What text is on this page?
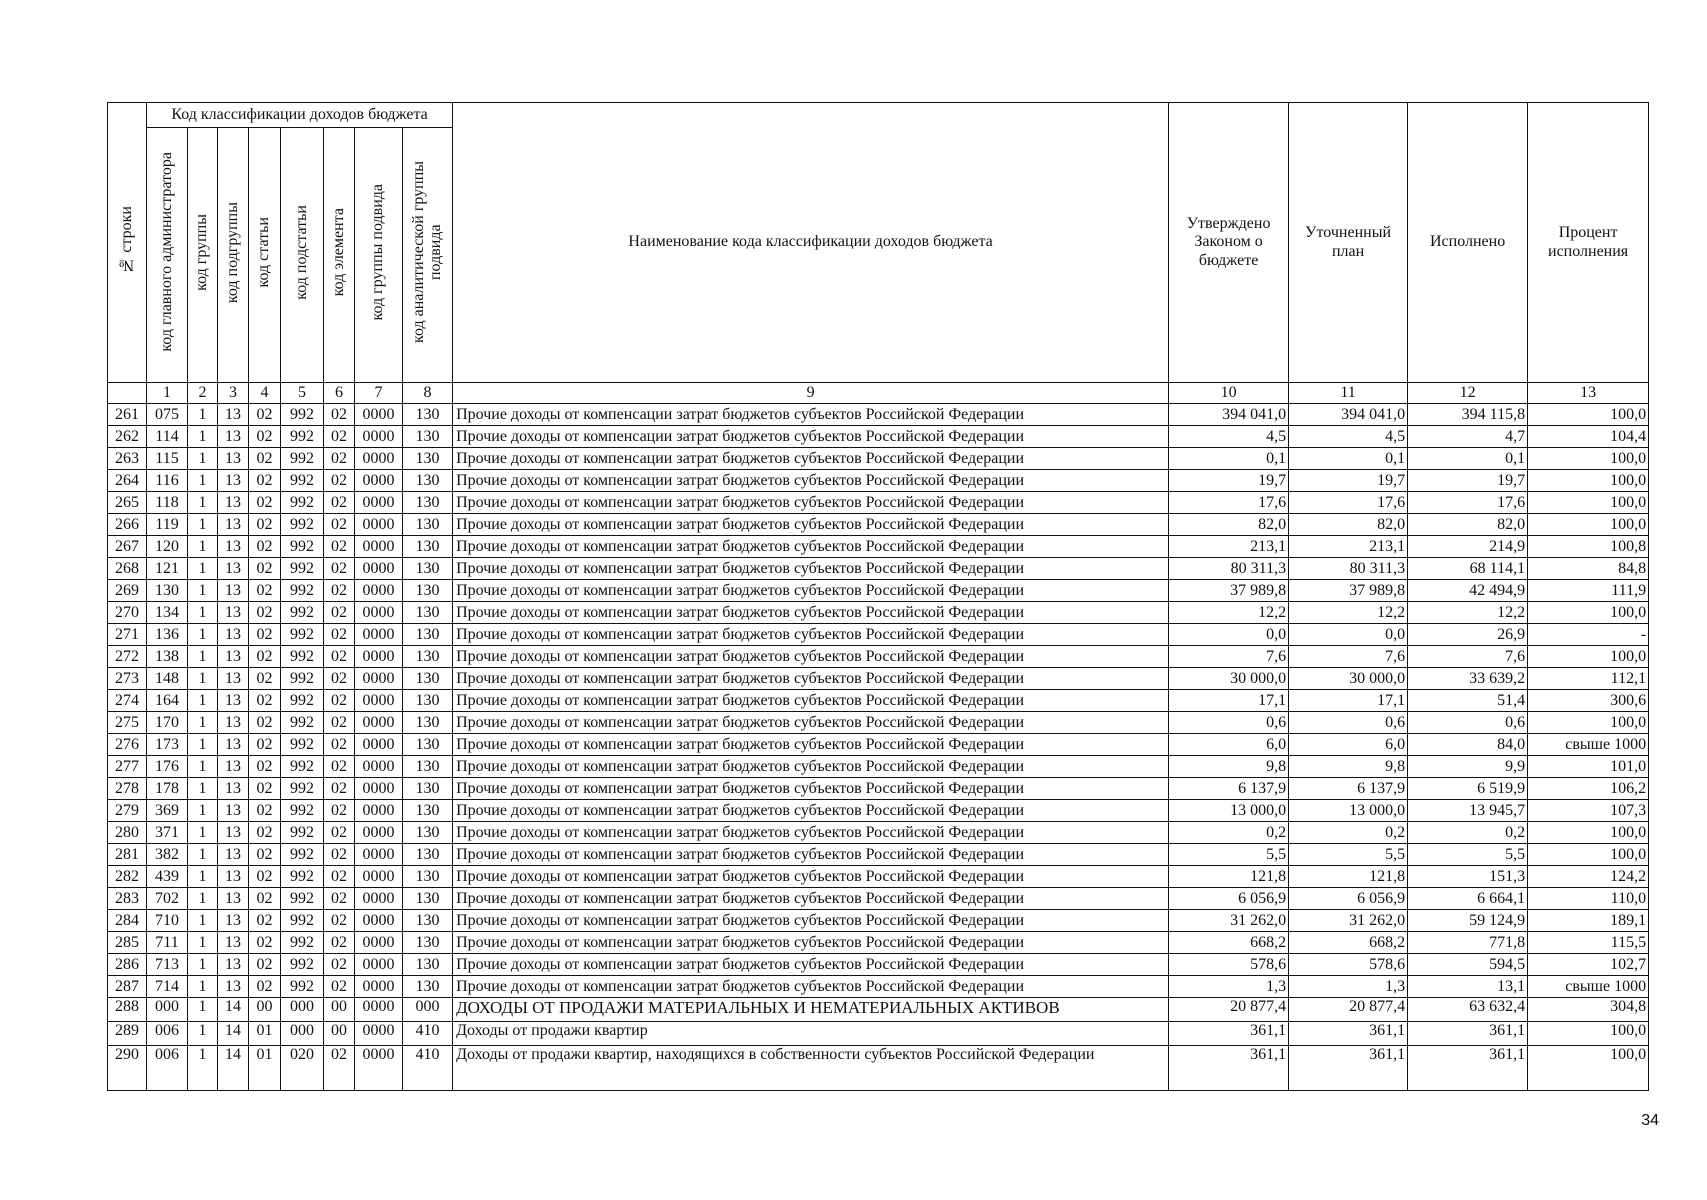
№ строки	Код классификации доходов бюджета								Наименование кода классификации доходов бюджета	Утверждено Законом о бюджете	Уточненный план	Исполнено	Процент исполнения
	код главного администратора	код группы	код подгруппы	код статьи	код подстатьи	код элемента	код группы подвида	код аналитической группы подвида					
	1	2	3	4	5	6	7	8	9	10	11	12	13
261	075	1	13	02	992	02	0000	130	Прочие доходы от компенсации затрат бюджетов субъектов Российской Федерации	394 041,0	394 041,0	394 115,8	100,0
262	114	1	13	02	992	02	0000	130	Прочие доходы от компенсации затрат бюджетов субъектов Российской Федерации	4,5	4,5	4,7	104,4
263	115	1	13	02	992	02	0000	130	Прочие доходы от компенсации затрат бюджетов субъектов Российской Федерации	0,1	0,1	0,1	100,0
264	116	1	13	02	992	02	0000	130	Прочие доходы от компенсации затрат бюджетов субъектов Российской Федерации	19,7	19,7	19,7	100,0
265	118	1	13	02	992	02	0000	130	Прочие доходы от компенсации затрат бюджетов субъектов Российской Федерации	17,6	17,6	17,6	100,0
266	119	1	13	02	992	02	0000	130	Прочие доходы от компенсации затрат бюджетов субъектов Российской Федерации	82,0	82,0	82,0	100,0
267	120	1	13	02	992	02	0000	130	Прочие доходы от компенсации затрат бюджетов субъектов Российской Федерации	213,1	213,1	214,9	100,8
268	121	1	13	02	992	02	0000	130	Прочие доходы от компенсации затрат бюджетов субъектов Российской Федерации	80 311,3	80 311,3	68 114,1	84,8
269	130	1	13	02	992	02	0000	130	Прочие доходы от компенсации затрат бюджетов субъектов Российской Федерации	37 989,8	37 989,8	42 494,9	111,9
270	134	1	13	02	992	02	0000	130	Прочие доходы от компенсации затрат бюджетов субъектов Российской Федерации	12,2	12,2	12,2	100,0
271	136	1	13	02	992	02	0000	130	Прочие доходы от компенсации затрат бюджетов субъектов Российской Федерации	0,0	0,0	26,9	-
272	138	1	13	02	992	02	0000	130	Прочие доходы от компенсации затрат бюджетов субъектов Российской Федерации	7,6	7,6	7,6	100,0
273	148	1	13	02	992	02	0000	130	Прочие доходы от компенсации затрат бюджетов субъектов Российской Федерации	30 000,0	30 000,0	33 639,2	112,1
274	164	1	13	02	992	02	0000	130	Прочие доходы от компенсации затрат бюджетов субъектов Российской Федерации	17,1	17,1	51,4	300,6
275	170	1	13	02	992	02	0000	130	Прочие доходы от компенсации затрат бюджетов субъектов Российской Федерации	0,6	0,6	0,6	100,0
276	173	1	13	02	992	02	0000	130	Прочие доходы от компенсации затрат бюджетов субъектов Российской Федерации	6,0	6,0	84,0	свыше 1000
277	176	1	13	02	992	02	0000	130	Прочие доходы от компенсации затрат бюджетов субъектов Российской Федерации	9,8	9,8	9,9	101,0
278	178	1	13	02	992	02	0000	130	Прочие доходы от компенсации затрат бюджетов субъектов Российской Федерации	6 137,9	6 137,9	6 519,9	106,2
279	369	1	13	02	992	02	0000	130	Прочие доходы от компенсации затрат бюджетов субъектов Российской Федерации	13 000,0	13 000,0	13 945,7	107,3
280	371	1	13	02	992	02	0000	130	Прочие доходы от компенсации затрат бюджетов субъектов Российской Федерации	0,2	0,2	0,2	100,0
281	382	1	13	02	992	02	0000	130	Прочие доходы от компенсации затрат бюджетов субъектов Российской Федерации	5,5	5,5	5,5	100,0
282	439	1	13	02	992	02	0000	130	Прочие доходы от компенсации затрат бюджетов субъектов Российской Федерации	121,8	121,8	151,3	124,2
283	702	1	13	02	992	02	0000	130	Прочие доходы от компенсации затрат бюджетов субъектов Российской Федерации	6 056,9	6 056,9	6 664,1	110,0
284	710	1	13	02	992	02	0000	130	Прочие доходы от компенсации затрат бюджетов субъектов Российской Федерации	31 262,0	31 262,0	59 124,9	189,1
285	711	1	13	02	992	02	0000	130	Прочие доходы от компенсации затрат бюджетов субъектов Российской Федерации	668,2	668,2	771,8	115,5
286	713	1	13	02	992	02	0000	130	Прочие доходы от компенсации затрат бюджетов субъектов Российской Федерации	578,6	578,6	594,5	102,7
287	714	1	13	02	992	02	0000	130	Прочие доходы от компенсации затрат бюджетов субъектов Российской Федерации	1,3	1,3	13,1	свыше 1000
288	000	1	14	00	000	00	0000	000	ДОХОДЫ ОТ ПРОДАЖИ МАТЕРИАЛЬНЫХ И НЕМАТЕРИАЛЬНЫХ АКТИВОВ	20 877,4	20 877,4	63 632,4	304,8
289	006	1	14	01	000	00	0000	410	Доходы от продажи квартир	361,1	361,1	361,1	100,0
290	006	1	14	01	020	02	0000	410	Доходы от продажи квартир, находящихся в собственности субъектов Российской Федерации	361,1	361,1	361,1	100,0
34
